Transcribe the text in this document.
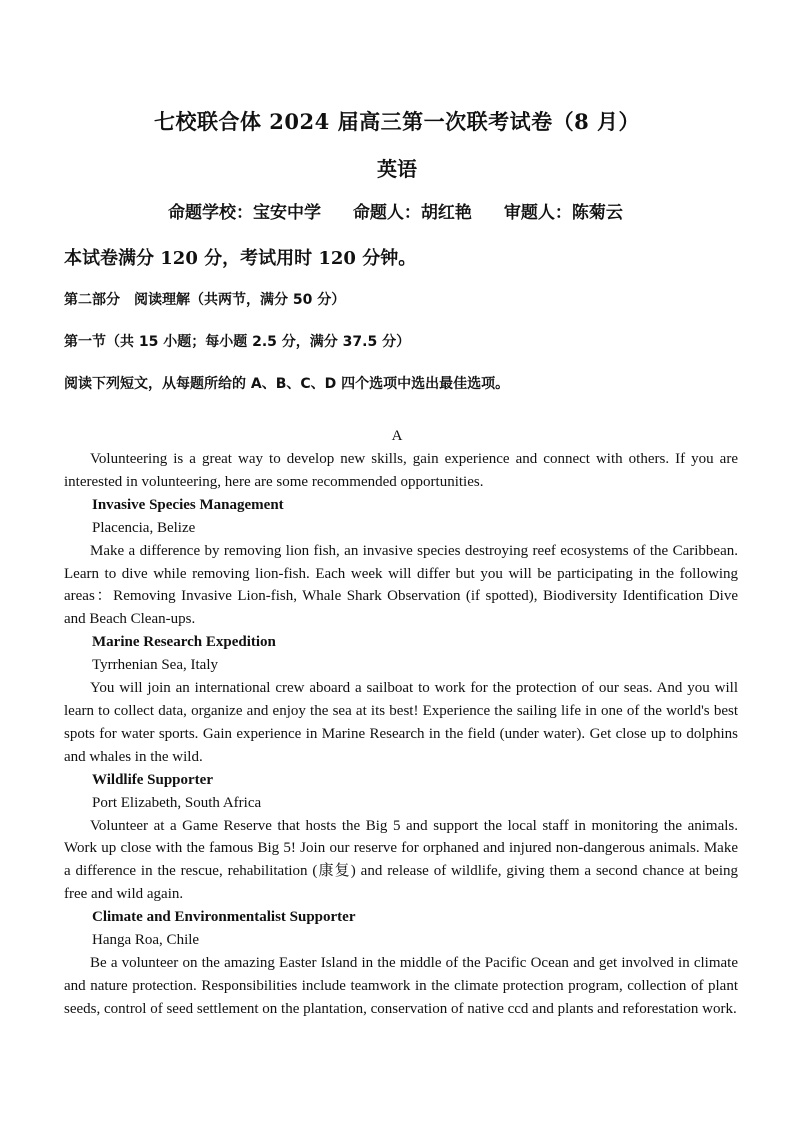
七校联合体 2024 届高三第一次联考试卷（8 月）
英语
命题学校：宝安中学 命题人：胡红艳 审题人：陈菊云
本试卷满分 120 分，考试用时 120 分钟。
第二部分　阅读理解（共两节，满分 50 分）
第一节（共 15 小题；每小题 2.5 分，满分 37.5 分）
阅读下列短文，从每题所给的 A、B、C、D 四个选项中选出最佳选项。
A

Volunteering is a great way to develop new skills, gain experience and connect with others. If you are interested in volunteering, here are some recommended opportunities.

Invasive Species Management

Placencia, Belize

Make a difference by removing lion fish, an invasive species destroying reef ecosystems of the Caribbean. Learn to dive while removing lion-fish. Each week will differ but you will be participating in the following areas：Removing Invasive Lion-fish, Whale Shark Observation (if spotted), Biodiversity Identification Dive and Beach Clean-ups.

Marine Research Expedition

Tyrrhenian Sea, Italy

You will join an international crew aboard a sailboat to work for the protection of our seas. And you will learn to collect data, organize and enjoy the sea at its best! Experience the sailing life in one of the world's best spots for water sports. Gain experience in Marine Research in the field (under water). Get close up to dolphins and whales in the wild.

Wildlife Supporter

Port Elizabeth, South Africa

Volunteer at a Game Reserve that hosts the Big 5 and support the local staff in monitoring the animals. Work up close with the famous Big 5! Join our reserve for orphaned and injured non-dangerous animals. Make a difference in the rescue, rehabilitation (康复) and release of wildlife, giving them a second chance at being free and wild again.

Climate and Environmentalist Supporter

Hanga Roa, Chile

Be a volunteer on the amazing Easter Island in the middle of the Pacific Ocean and get involved in climate and nature protection. Responsibilities include teamwork in the climate protection program, collection of plant seeds, control of seed settlement on the plantation, conservation of native ccd and plants and reforestation work.
